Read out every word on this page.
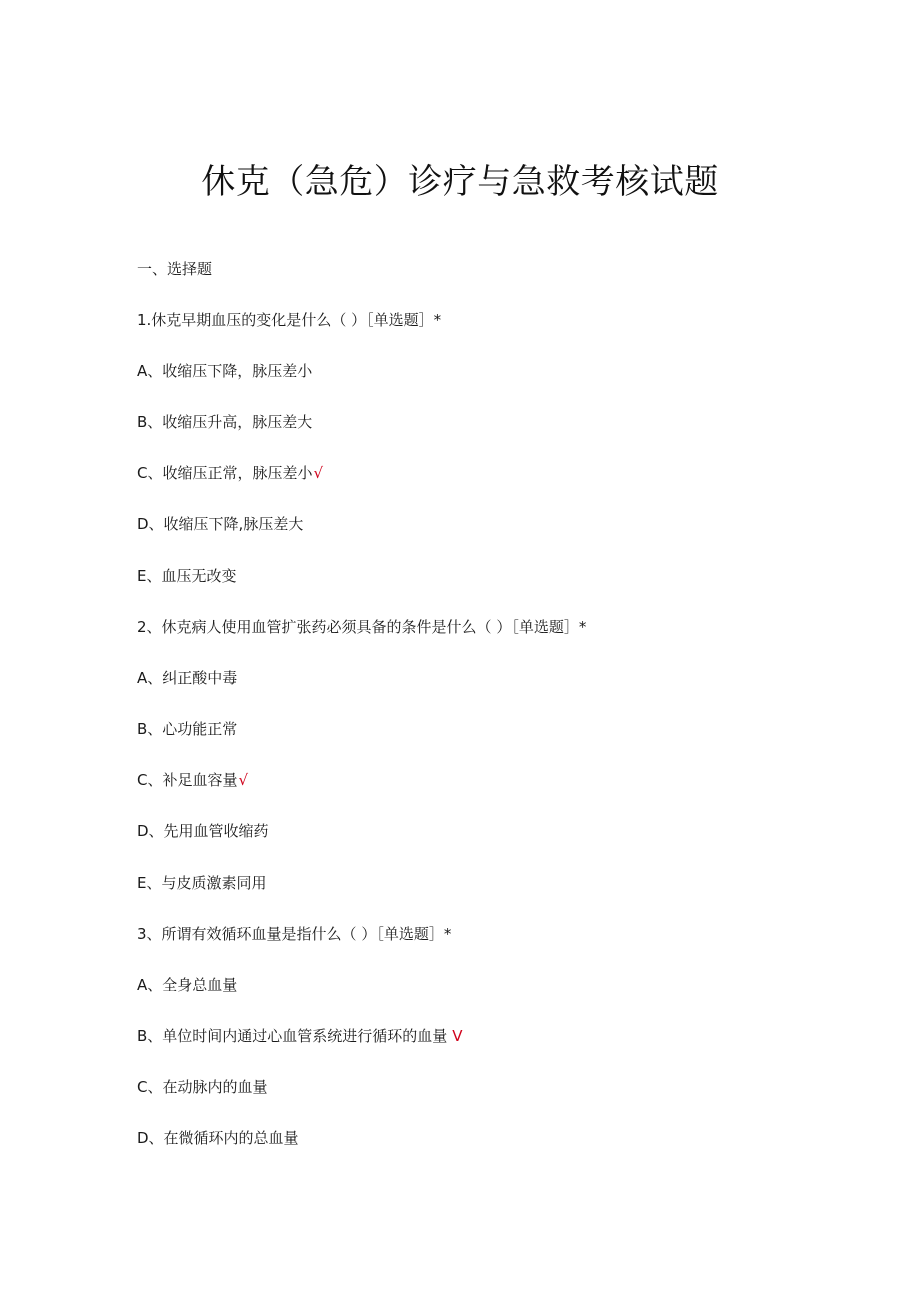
休克（急危）诊疗与急救考核试题
一、选择题
1.休克早期血压的变化是什么（ ）［单选题］*
A、收缩压下降，脉压差小
B、收缩压升高，脉压差大
C、收缩压正常，脉压差小√
D、收缩压下降,脉压差大
E、血压无改变
2、休克病人使用血管扩张药必须具备的条件是什么（ ）［单选题］*
A、纠正酸中毒
B、心功能正常
C、补足血容量√
D、先用血管收缩药
E、与皮质激素同用
3、所谓有效循环血量是指什么（ ）［单选题］*
A、全身总血量
B、单位时间内通过心血管系统进行循环的血量 V
C、在动脉内的血量
D、在微循环内的总血量
